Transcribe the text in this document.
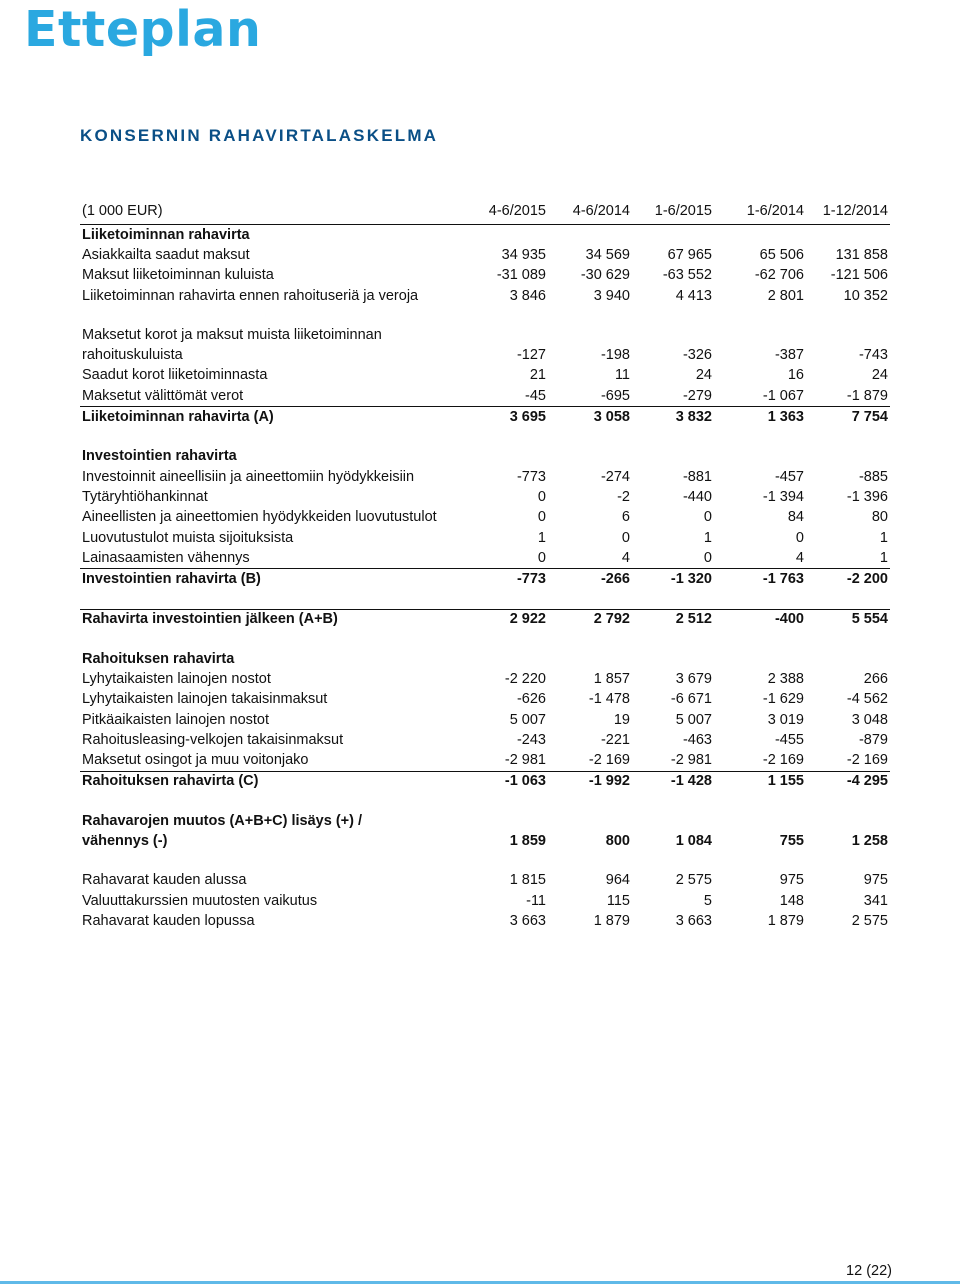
Etteplan
KONSERNIN RAHAVIRTALASKELMA
(1 000 EUR)	4-6/2015	4-6/2014	1-6/2015	1-6/2014	1-12/2014
Liiketoiminnan rahavirta					
Asiakkailta saadut maksut	34 935	34 569	67 965	65 506	131 858
Maksut liiketoiminnan kuluista	-31 089	-30 629	-63 552	-62 706	-121 506
Liiketoiminnan rahavirta ennen rahoituseriä ja veroja	3 846	3 940	4 413	2 801	10 352

Maksetut korot ja maksut muista liiketoiminnan					
rahoituskuluista	-127	-198	-326	-387	-743
Saadut korot liiketoiminnasta	21	11	24	16	24
Maksetut välittömät verot	-45	-695	-279	-1 067	-1 879
Liiketoiminnan rahavirta (A)	3 695	3 058	3 832	1 363	7 754

Investointien rahavirta					
Investoinnit aineellisiin ja aineettomiin hyödykkeisiin	-773	-274	-881	-457	-885
Tytäryhtiöhankinnat	0	-2	-440	-1 394	-1 396
Aineellisten ja aineettomien hyödykkeiden luovutustulot	0	6	0	84	80
Luovutustulot muista sijoituksista	1	0	1	0	1
Lainasaamisten vähennys	0	4	0	4	1
Investointien rahavirta (B)	-773	-266	-1 320	-1 763	-2 200

Rahavirta investointien jälkeen (A+B)	2 922	2 792	2 512	-400	5 554

Rahoituksen rahavirta					
Lyhytaikaisten lainojen nostot	-2 220	1 857	3 679	2 388	266
Lyhytaikaisten lainojen takaisinmaksut	-626	-1 478	-6 671	-1 629	-4 562
Pitkäaikaisten lainojen nostot	5 007	19	5 007	3 019	3 048
Rahoitusleasing-velkojen takaisinmaksut	-243	-221	-463	-455	-879
Maksetut osingot ja muu voitonjako	-2 981	-2 169	-2 981	-2 169	-2 169
Rahoituksen rahavirta (C)	-1 063	-1 992	-1 428	1 155	-4 295

Rahavarojen muutos (A+B+C) lisäys (+) /					
vähennys (-)	1 859	800	1 084	755	1 258

Rahavarat kauden alussa	1 815	964	2 575	975	975
Valuuttakurssien muutosten vaikutus	-11	115	5	148	341
Rahavarat kauden lopussa	3 663	1 879	3 663	1 879	2 575
12 (22)
